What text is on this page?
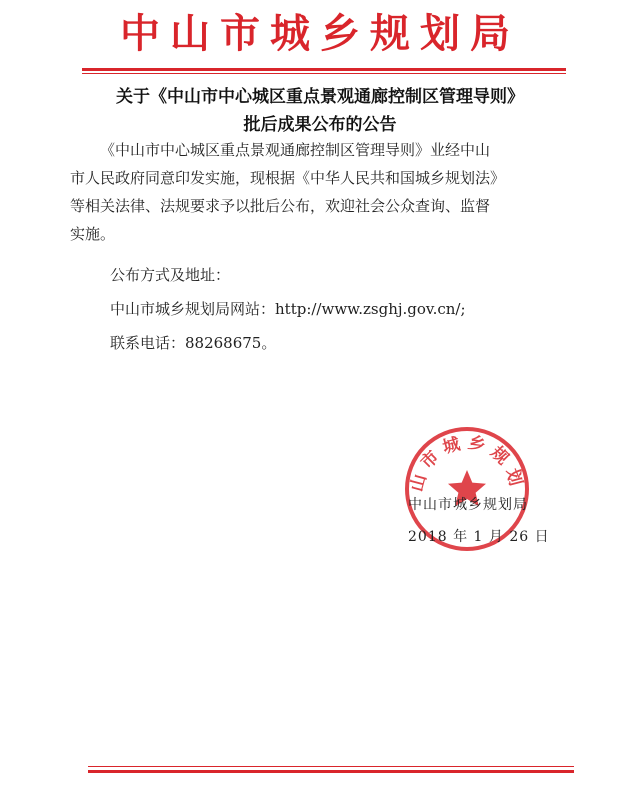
中山市城乡规划局
关于《中山市中心城区重点景观通廊控制区管理导则》
批后成果公布的公告
《中山市中心城区重点景观通廊控制区管理导则》业经中山
市人民政府同意印发实施，现根据《中华人民共和国城乡规划法》
等相关法律、法规要求予以批后公布，欢迎社会公众查询、监督
实施。
公布方式及地址：
中山市城乡规划局网站：http://www.zsghj.gov.cn/;
联系电话：88268675。
山市城乡规划
中山市城乡规划局
2018 年 1 月 26 日
